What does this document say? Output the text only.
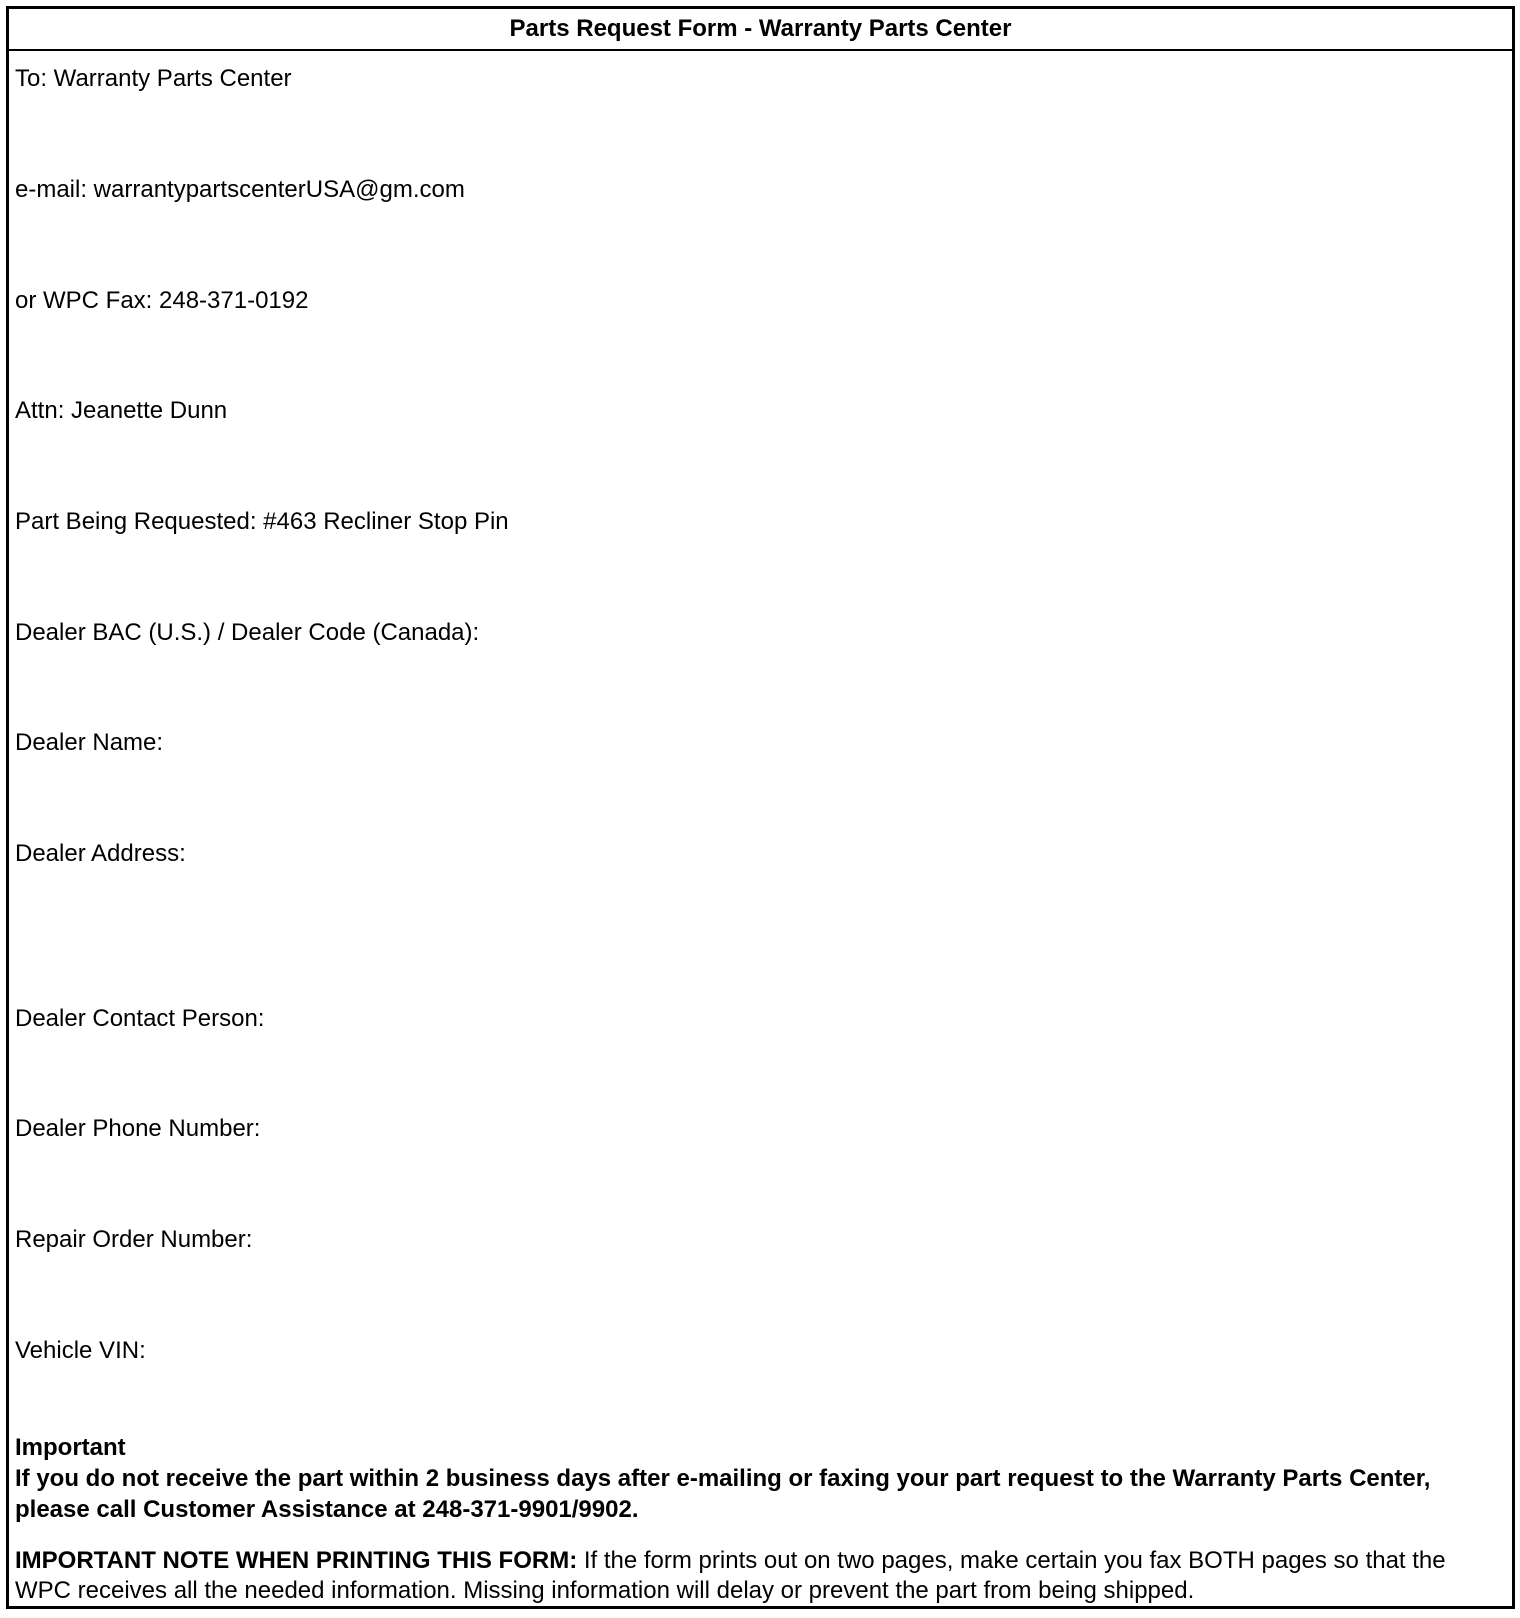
Parts Request Form - Warranty Parts Center
To: Warranty Parts Center
e-mail: warrantypartscenterUSA@gm.com
or WPC Fax: 248-371-0192
Attn: Jeanette Dunn
Part Being Requested: #463 Recliner Stop Pin
Dealer BAC (U.S.) / Dealer Code (Canada):
Dealer Name:
Dealer Address:
Dealer Contact Person:
Dealer Phone Number:
Repair Order Number:
Vehicle VIN:
Important
If you do not receive the part within 2 business days after e-mailing or faxing your part request to the Warranty Parts Center, please call Customer Assistance at 248-371-9901/9902.
IMPORTANT NOTE WHEN PRINTING THIS FORM: If the form prints out on two pages, make certain you fax BOTH pages so that the WPC receives all the needed information. Missing information will delay or prevent the part from being shipped.
